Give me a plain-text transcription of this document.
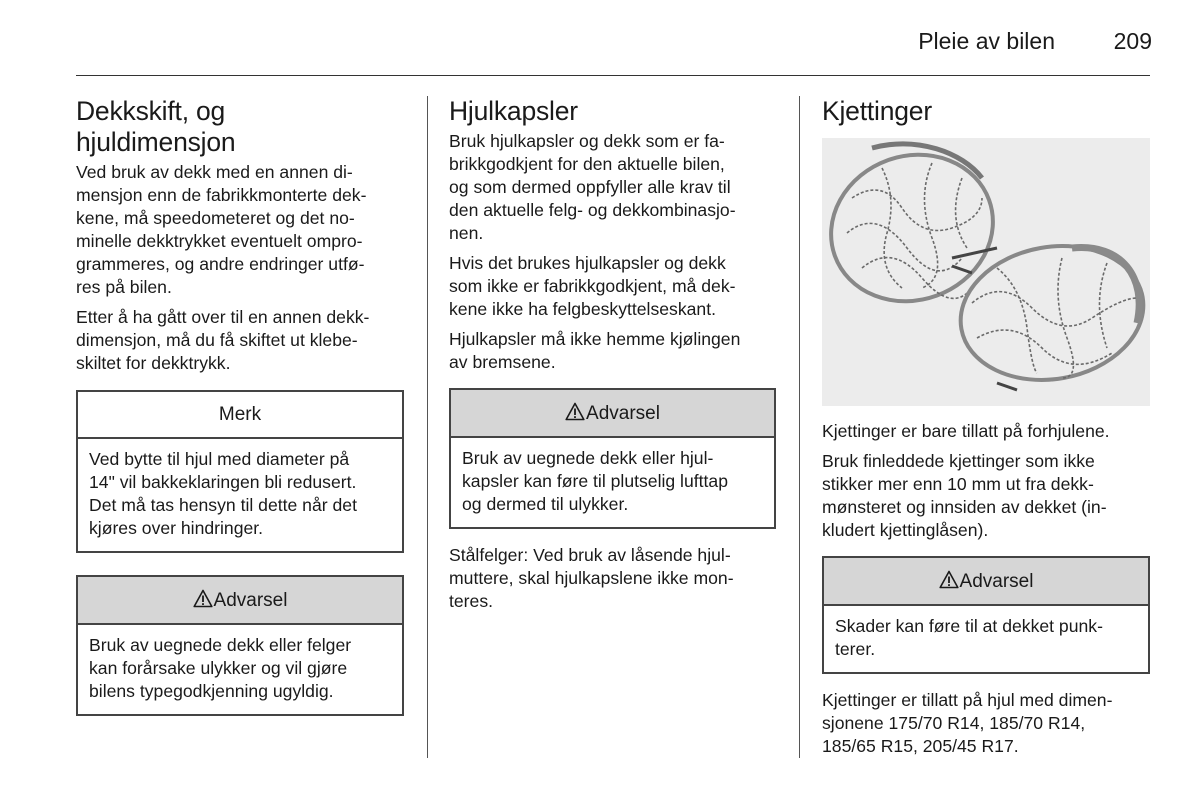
Pleie av bilen	209
Dekkskift, og
hjuldimensjon

Ved bruk av dekk med en annen di-
mensjon enn de fabrikkmonterte dek-
kene, må speedometeret og det no-
minelle dekktrykket eventuelt ompro-
grammeres, og andre endringer utfø-
res på bilen.

Etter å ha gått over til en annen dekk-
dimensjon, må du få skiftet ut klebe-
skiltet for dekktrykk.

Merk
Ved bytte til hjul med diameter på
14" vil bakkeklaringen bli redusert.
Det må tas hensyn til dette når det
kjøres over hindringer.
Advarsel
Bruk av uegnede dekk eller felger
kan forårsake ulykker og vil gjøre
bilens typegodkjenning ugyldig.
Hjulkapsler

Bruk hjulkapsler og dekk som er fa-
brikkgodkjent for den aktuelle bilen,
og som dermed oppfyller alle krav til
den aktuelle felg- og dekkombinasjo-
nen.

Hvis det brukes hjulkapsler og dekk
som ikke er fabrikkgodkjent, må dek-
kene ikke ha felgbeskyttelseskant.

Hjulkapsler må ikke hemme kjølingen
av bremsene.

Advarsel
Bruk av uegnede dekk eller hjul-
kapsler kan føre til plutselig lufttap
og dermed til ulykker.

Stålfelger: Ved bruk av låsende hjul-
muttere, skal hjulkapslene ikke mon-
teres.

Kjettinger

Kjettinger er bare tillatt på forhjulene.

Bruk finleddede kjettinger som ikke
stikker mer enn 10 mm ut fra dekk-
mønsteret og innsiden av dekket (in-
kludert kjettinglåsen).

Advarsel
Skader kan føre til at dekket punk-
terer.

Kjettinger er tillatt på hjul med dimen-
sjonene 175/70 R14, 185/70 R14,
185/65 R15, 205/45 R17.
